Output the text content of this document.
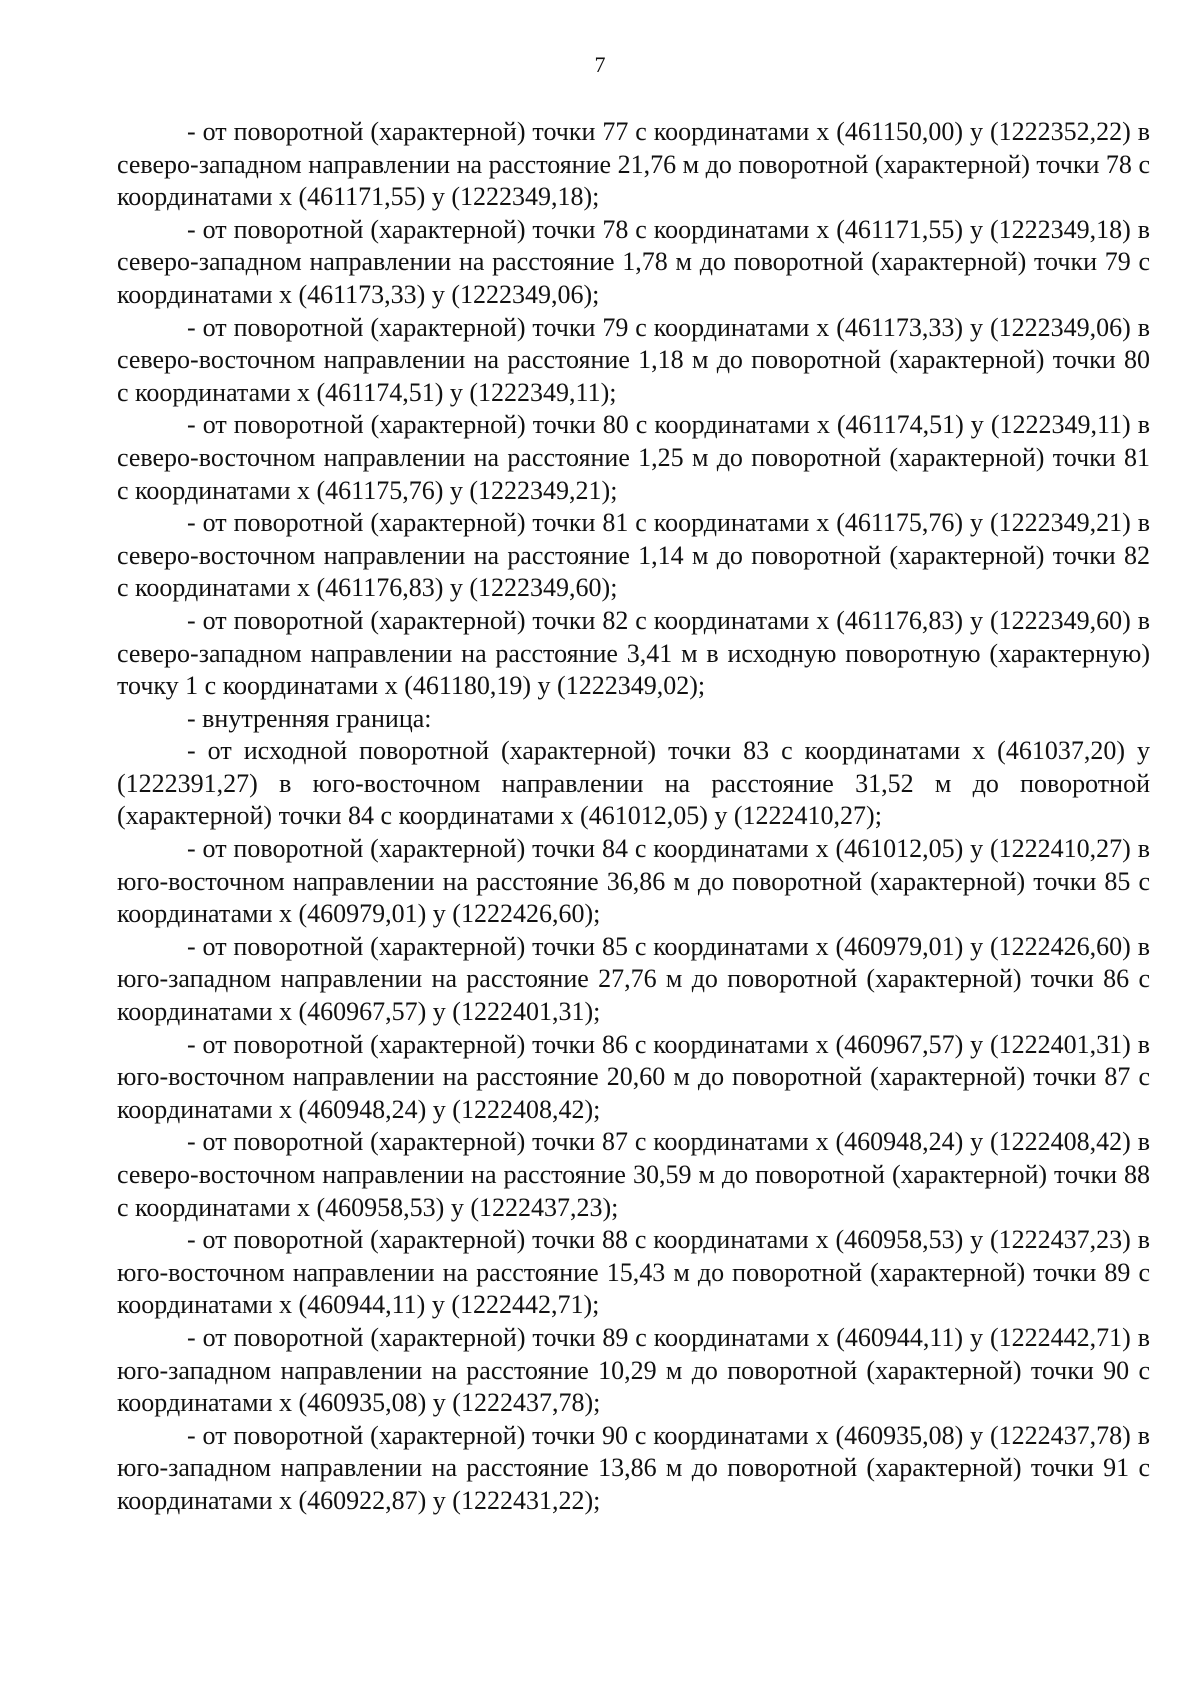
7

- от поворотной (характерной) точки 77 с координатами х (461150,00) у (1222352,22) в северо-западном направлении на расстояние 21,76 м до поворотной (характерной) точки 78 с координатами х (461171,55) у (1222349,18);

- от поворотной (характерной) точки 78 с координатами х (461171,55) у (1222349,18) в северо-западном направлении на расстояние 1,78 м до поворотной (характерной) точки 79 с координатами х (461173,33) у (1222349,06);

- от поворотной (характерной) точки 79 с координатами х (461173,33) у (1222349,06) в северо-восточном направлении на расстояние 1,18 м до поворотной (характерной) точки 80 с координатами х (461174,51) у (1222349,11);

- от поворотной (характерной) точки 80 с координатами х (461174,51) у (1222349,11) в северо-восточном направлении на расстояние 1,25 м до поворотной (характерной) точки 81 с координатами х (461175,76) у (1222349,21);

- от поворотной (характерной) точки 81 с координатами х (461175,76) у (1222349,21) в северо-восточном направлении на расстояние 1,14 м до поворотной (характерной) точки 82 с координатами х (461176,83) у (1222349,60);

- от поворотной (характерной) точки 82 с координатами х (461176,83) у (1222349,60) в северо-западном направлении на расстояние 3,41 м в исходную поворотную (характерную) точку 1 с координатами х (461180,19) у (1222349,02);

- внутренняя граница:

- от исходной поворотной (характерной) точки 83 с координатами х (461037,20) у (1222391,27) в юго-восточном направлении на расстояние 31,52 м до поворотной (характерной) точки 84 с координатами х (461012,05) у (1222410,27);

- от поворотной (характерной) точки 84 с координатами х (461012,05) у (1222410,27) в юго-восточном направлении на расстояние 36,86 м до поворотной (характерной) точки 85 с координатами х (460979,01) у (1222426,60);

- от поворотной (характерной) точки 85 с координатами х (460979,01) у (1222426,60) в юго-западном направлении на расстояние 27,76 м до поворотной (характерной) точки 86 с координатами х (460967,57) у (1222401,31);

- от поворотной (характерной) точки 86 с координатами х (460967,57) у (1222401,31) в юго-восточном направлении на расстояние 20,60 м до поворотной (характерной) точки 87 с координатами х (460948,24) у (1222408,42);

- от поворотной (характерной) точки 87 с координатами х (460948,24) у (1222408,42) в северо-восточном направлении на расстояние 30,59 м до поворотной (характерной) точки 88 с координатами х (460958,53) у (1222437,23);

- от поворотной (характерной) точки 88 с координатами х (460958,53) у (1222437,23) в юго-восточном направлении на расстояние 15,43 м до поворотной (характерной) точки 89 с координатами х (460944,11) у (1222442,71);

- от поворотной (характерной) точки 89 с координатами х (460944,11) у (1222442,71) в юго-западном направлении на расстояние 10,29 м до поворотной (характерной) точки 90 с координатами х (460935,08) у (1222437,78);

- от поворотной (характерной) точки 90 с координатами х (460935,08) у (1222437,78) в юго-западном направлении на расстояние 13,86 м до поворотной (характерной) точки 91 с координатами х (460922,87) у (1222431,22);
